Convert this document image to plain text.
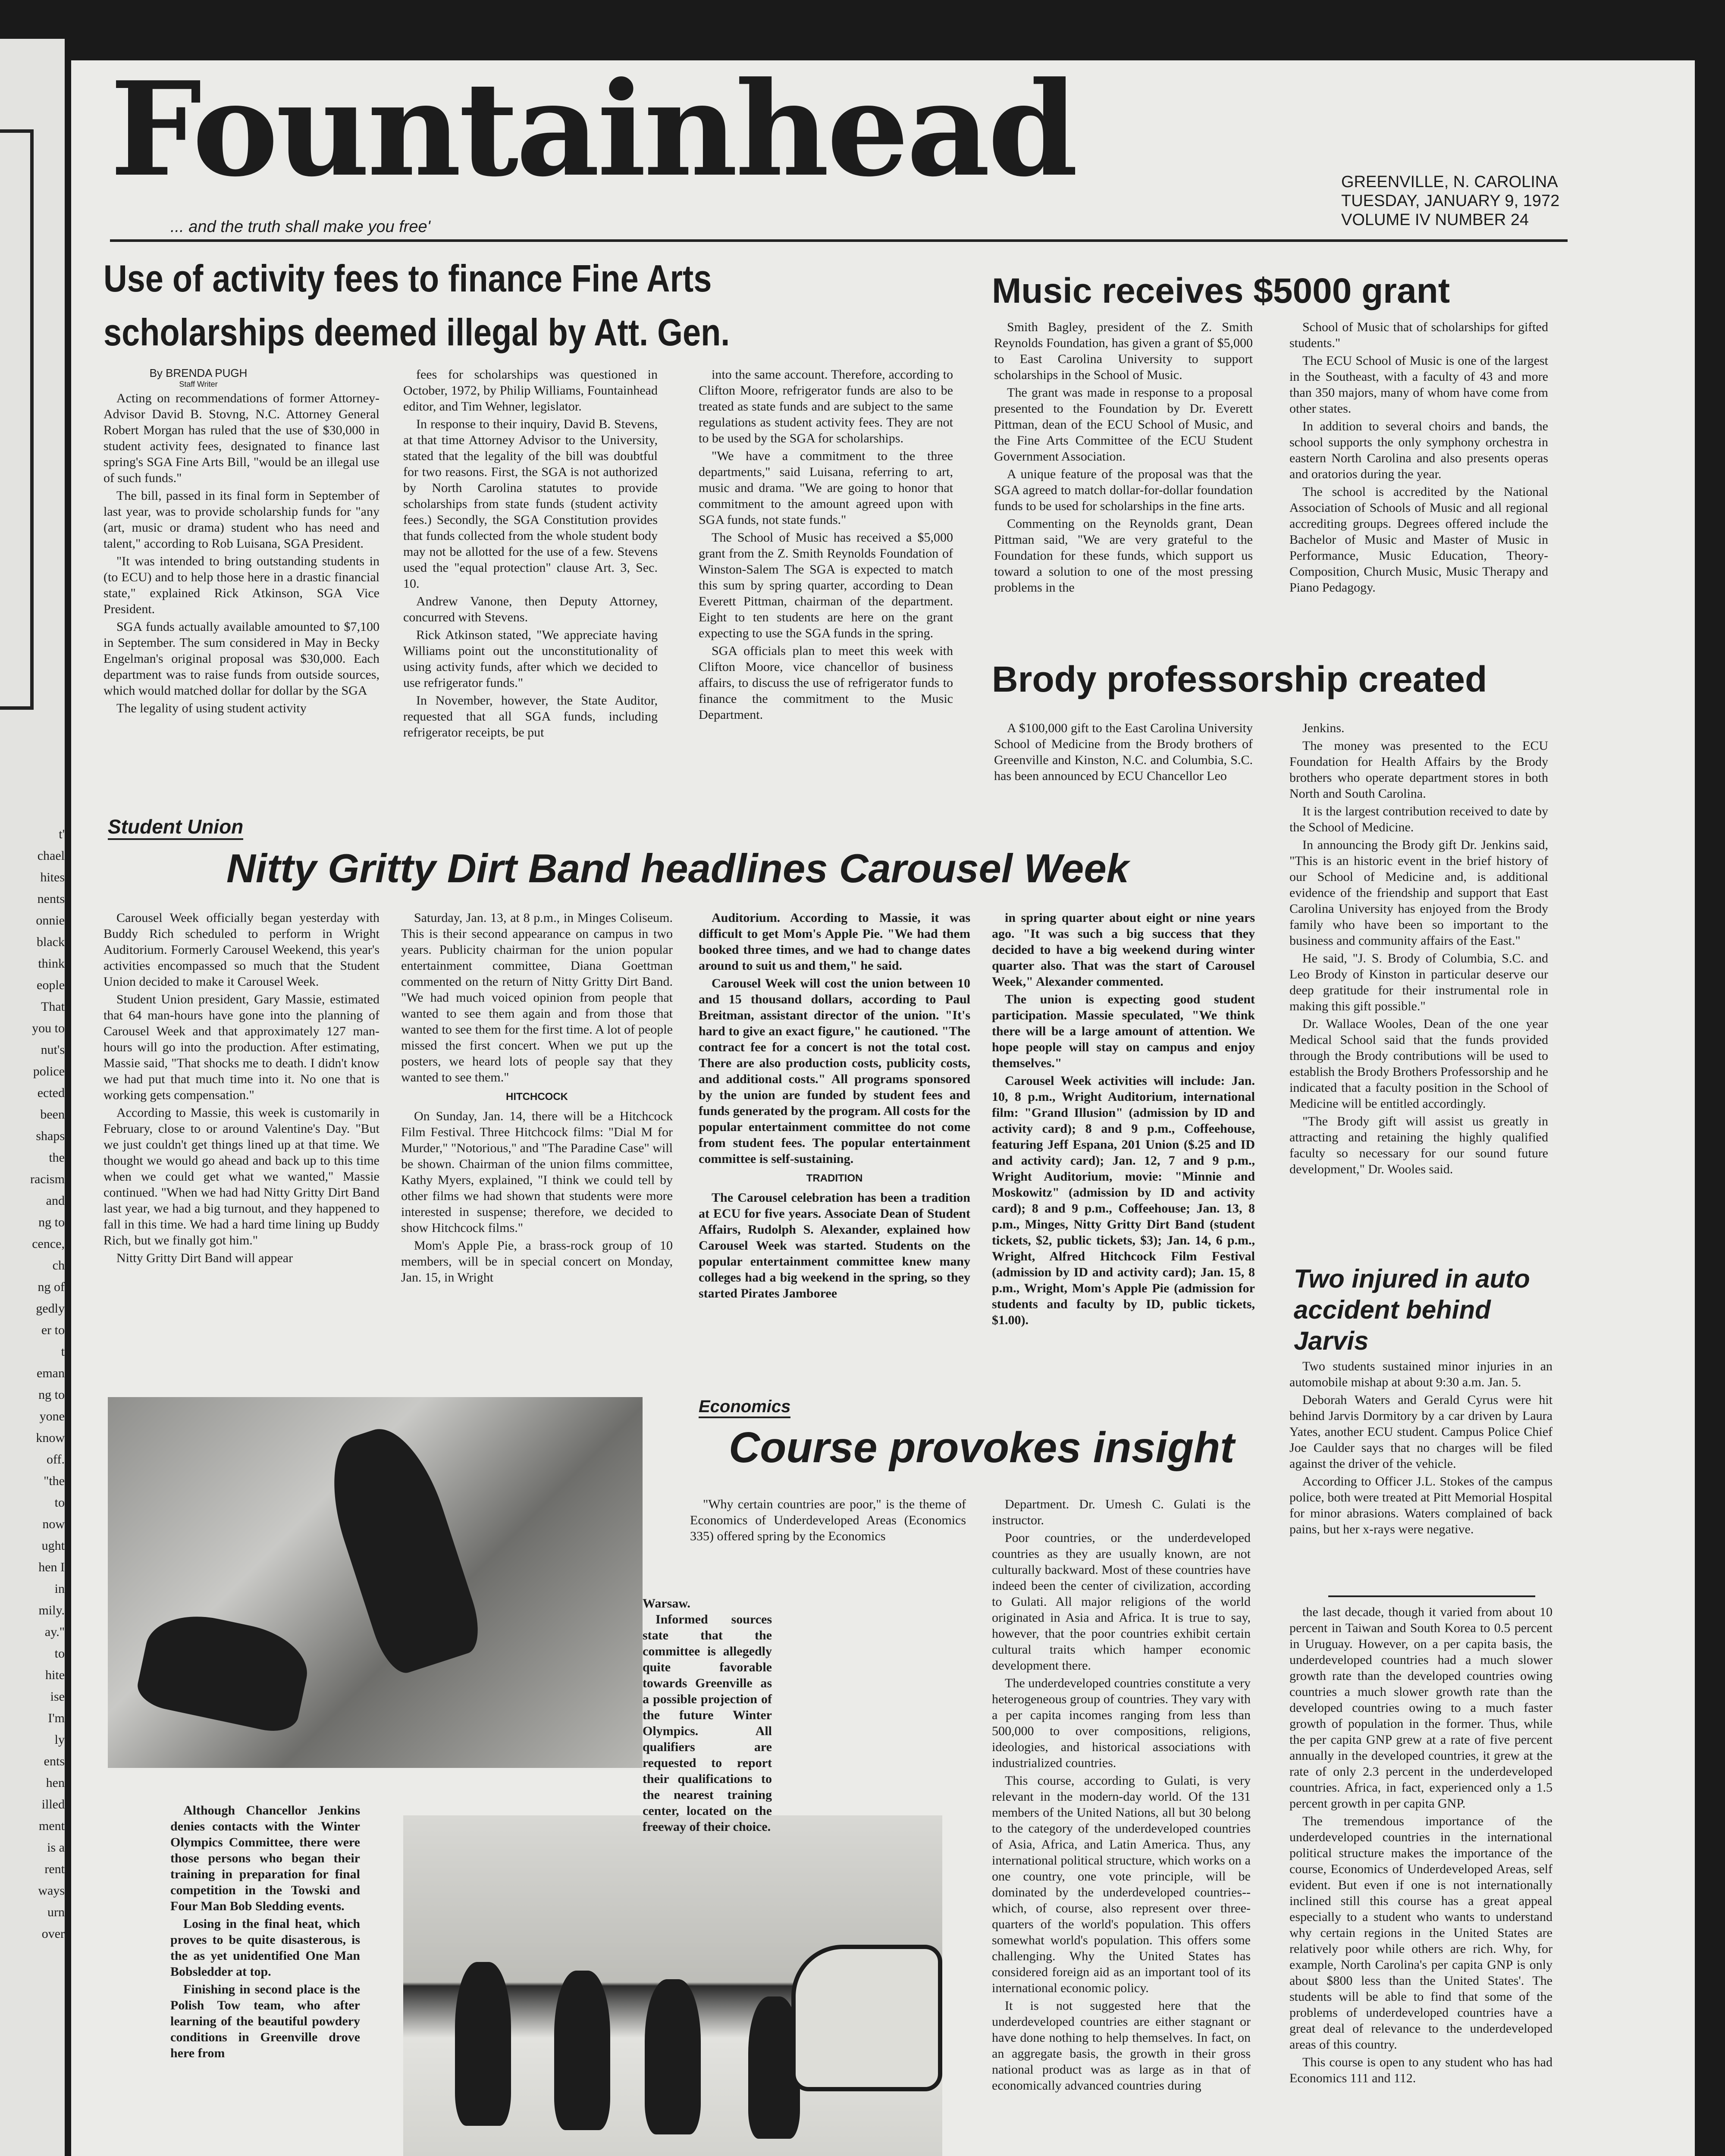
t'
chael
hites
nents
onnie
black
think
eople
That
you to
nut's
police
ected
been
shaps
the
racism
and
ng to
cence,
ch
ng of
gedly
er to
t
eman
ng to
yone
know
off.
"the
to
now
ught
hen I
in
mily.
ay."
to
hite
ise
I'm
ly
ents
hen
illed
ment
is a
rent
ways
urn
over
Fountainhead
... and the truth shall make you free'
GREENVILLE, N. CAROLINA
TUESDAY, JANUARY 9, 1972
VOLUME IV NUMBER 24
Use of activity fees to finance Fine Arts
scholarships deemed illegal by Att. Gen.
By BRENDA PUGH
Staff Writer

Acting on recommendations of former Attorney-Advisor David B. Stovng, N.C. Attorney General Robert Morgan has ruled that the use of $30,000 in student activity fees, designated to finance last spring's SGA Fine Arts Bill, "would be an illegal use of such funds."

The bill, passed in its final form in September of last year, was to provide scholarship funds for "any (art, music or drama) student who has need and talent," according to Rob Luisana, SGA President.

"It was intended to bring outstanding students in (to ECU) and to help those here in a drastic financial state," explained Rick Atkinson, SGA Vice President.

SGA funds actually available amounted to $7,100 in September. The sum considered in May in Becky Engelman's original proposal was $30,000. Each department was to raise funds from outside sources, which would matched dollar for dollar by the SGA

The legality of using student activity

fees for scholarships was questioned in October, 1972, by Philip Williams, Fountainhead editor, and Tim Wehner, legislator.

In response to their inquiry, David B. Stevens, at that time Attorney Advisor to the University, stated that the legality of the bill was doubtful for two reasons. First, the SGA is not authorized by North Carolina statutes to provide scholarships from state funds (student activity fees.) Secondly, the SGA Constitution provides that funds collected from the whole student body may not be allotted for the use of a few. Stevens used the "equal protection" clause Art. 3, Sec. 10.

Andrew Vanone, then Deputy Attorney, concurred with Stevens.

Rick Atkinson stated, "We appreciate having Williams point out the unconstitutionality of using activity funds, after which we decided to use refrigerator funds."

In November, however, the State Auditor, requested that all SGA funds, including refrigerator receipts, be put

into the same account. Therefore, according to Clifton Moore, refrigerator funds are also to be treated as state funds and are subject to the same regulations as student activity fees. They are not to be used by the SGA for scholarships.

"We have a commitment to the three departments," said Luisana, referring to art, music and drama. "We are going to honor that commitment to the amount agreed upon with SGA funds, not state funds."

The School of Music has received a $5,000 grant from the Z. Smith Reynolds Foundation of Winston-Salem The SGA is expected to match this sum by spring quarter, according to Dean Everett Pittman, chairman of the department. Eight to ten students are here on the grant expecting to use the SGA funds in the spring.

SGA officials plan to meet this week with Clifton Moore, vice chancellor of business affairs, to discuss the use of refrigerator funds to finance the commitment to the Music Department.

Music receives $5000 grant

Smith Bagley, president of the Z. Smith Reynolds Foundation, has given a grant of $5,000 to East Carolina University to support scholarships in the School of Music.

The grant was made in response to a proposal presented to the Foundation by Dr. Everett Pittman, dean of the ECU School of Music, and the Fine Arts Committee of the ECU Student Government Association.

A unique feature of the proposal was that the SGA agreed to match dollar-for-dollar foundation funds to be used for scholarships in the fine arts.

Commenting on the Reynolds grant, Dean Pittman said, "We are very grateful to the Foundation for these funds, which support us toward a solution to one of the most pressing problems in the

School of Music that of scholarships for gifted students."

The ECU School of Music is one of the largest in the Southeast, with a faculty of 43 and more than 350 majors, many of whom have come from other states.

In addition to several choirs and bands, the school supports the only symphony orchestra in eastern North Carolina and also presents operas and oratorios during the year.

The school is accredited by the National Association of Schools of Music and all regional accrediting groups. Degrees offered include the Bachelor of Music and Master of Music in Performance, Music Education, Theory-Composition, Church Music, Music Therapy and Piano Pedagogy.

Brody professorship created

A $100,000 gift to the East Carolina University School of Medicine from the Brody brothers of Greenville and Kinston, N.C. and Columbia, S.C. has been announced by ECU Chancellor Leo

Jenkins.

The money was presented to the ECU Foundation for Health Affairs by the Brody brothers who operate department stores in both North and South Carolina.

It is the largest contribution received to date by the School of Medicine.

In announcing the Brody gift Dr. Jenkins said, "This is an historic event in the brief history of our School of Medicine and, is additional evidence of the friendship and support that East Carolina University has enjoyed from the Brody family who have been so important to the business and community affairs of the East."

He said, "J. S. Brody of Columbia, S.C. and Leo Brody of Kinston in particular deserve our deep gratitude for their instrumental role in making this gift possible."

Dr. Wallace Wooles, Dean of the one year Medical School said that the funds provided through the Brody contributions will be used to establish the Brody Brothers Professorship and he indicated that a faculty position in the School of Medicine will be entitled accordingly.

"The Brody gift will assist us greatly in attracting and retaining the highly qualified faculty so necessary for our sound future development," Dr. Wooles said.

Student Union
Nitty Gritty Dirt Band headlines Carousel Week

Carousel Week officially began yesterday with Buddy Rich scheduled to perform in Wright Auditorium. Formerly Carousel Weekend, this year's activities encompassed so much that the Student Union decided to make it Carousel Week.

Student Union president, Gary Massie, estimated that 64 man-hours have gone into the planning of Carousel Week and that approximately 127 man-hours will go into the production. After estimating, Massie said, "That shocks me to death. I didn't know we had put that much time into it. No one that is working gets compensation."

According to Massie, this week is customarily in February, close to or around Valentine's Day. "But we just couldn't get things lined up at that time. We thought we would go ahead and back up to this time when we could get what we wanted," Massie continued. "When we had had Nitty Gritty Dirt Band last year, we had a big turnout, and they happened to fall in this time. We had a hard time lining up Buddy Rich, but we finally got him."

Nitty Gritty Dirt Band will appear

Saturday, Jan. 13, at 8 p.m., in Minges Coliseum. This is their second appearance on campus in two years. Publicity chairman for the union popular entertainment committee, Diana Goettman commented on the return of Nitty Gritty Dirt Band. "We had much voiced opinion from people that wanted to see them again and from those that wanted to see them for the first time. A lot of people missed the first concert. When we put up the posters, we heard lots of people say that they wanted to see them."

HITCHCOCK

On Sunday, Jan. 14, there will be a Hitchcock Film Festival. Three Hitchcock films: "Dial M for Murder," "Notorious," and "The Paradine Case" will be shown. Chairman of the union films committee, Kathy Myers, explained, "I think we could tell by other films we had shown that students were more interested in suspense; therefore, we decided to show Hitchcock films."

Mom's Apple Pie, a brass-rock group of 10 members, will be in special concert on Monday, Jan. 15, in Wright

Auditorium. According to Massie, it was difficult to get Mom's Apple Pie. "We had them booked three times, and we had to change dates around to suit us and them," he said.

Carousel Week will cost the union between 10 and 15 thousand dollars, according to Paul Breitman, assistant director of the union. "It's hard to give an exact figure," he cautioned. "The contract fee for a concert is not the total cost. There are also production costs, publicity costs, and additional costs." All programs sponsored by the union are funded by student fees and funds generated by the program. All costs for the popular entertainment committee do not come from student fees. The popular entertainment committee is self-sustaining.

TRADITION

The Carousel celebration has been a tradition at ECU for five years. Associate Dean of Student Affairs, Rudolph S. Alexander, explained how Carousel Week was started. Students on the popular entertainment committee knew many colleges had a big weekend in the spring, so they started Pirates Jamboree

in spring quarter about eight or nine years ago. "It was such a big success that they decided to have a big weekend during winter quarter also. That was the start of Carousel Week," Alexander commented.

The union is expecting good student participation. Massie speculated, "We think there will be a large amount of attention. We hope people will stay on campus and enjoy themselves."

Carousel Week activities will include: Jan. 10, 8 p.m., Wright Auditorium, international film: "Grand Illusion" (admission by ID and activity card); 8 and 9 p.m., Coffeehouse, featuring Jeff Espana, 201 Union ($.25 and ID and activity card); Jan. 12, 7 and 9 p.m., Wright Auditorium, movie: "Minnie and Moskowitz" (admission by ID and activity card); 8 and 9 p.m., Coffeehouse; Jan. 13, 8 p.m., Minges, Nitty Gritty Dirt Band (student tickets, $2, public tickets, $3); Jan. 14, 6 p.m., Wright, Alfred Hitchcock Film Festival (admission by ID and activity card); Jan. 15, 8 p.m., Wright, Mom's Apple Pie (admission for students and faculty by ID, public tickets, $1.00).

Two injured in auto accident behind Jarvis

Two students sustained minor injuries in an automobile mishap at about 9:30 a.m. Jan. 5.

Deborah Waters and Gerald Cyrus were hit behind Jarvis Dormitory by a car driven by Laura Yates, another ECU student. Campus Police Chief Joe Caulder says that no charges will be filed against the driver of the vehicle.

According to Officer J.L. Stokes of the campus police, both were treated at Pitt Memorial Hospital for minor abrasions. Waters complained of back pains, but her x-rays were negative.

Warsaw.

Informed sources state that the committee is allegedly quite favorable towards Greenville as a possible projection of the future Winter Olympics. All qualifiers are requested to report their qualifications to the nearest training center, located on the freeway of their choice.

Although Chancellor Jenkins denies contacts with the Winter Olympics Committee, there were those persons who began their training in preparation for final competition in the Towski and Four Man Bob Sledding events.

Losing in the final heat, which proves to be quite disasterous, is the as yet unidentified One Man Bobsledder at top.

Finishing in second place is the Polish Tow team, who after learning of the beautiful powdery conditions in Greenville drove here from

Economics
Course provokes insight

"Why certain countries are poor," is the theme of Economics of Underdeveloped Areas (Economics 335) offered spring by the Economics

Department. Dr. Umesh C. Gulati is the instructor.

Poor countries, or the underdeveloped countries as they are usually known, are not culturally backward. Most of these countries have indeed been the center of civilization, according to Gulati. All major religions of the world originated in Asia and Africa. It is true to say, however, that the poor countries exhibit certain cultural traits which hamper economic development there.

The underdeveloped countries constitute a very heterogeneous group of countries. They vary with a per capita incomes ranging from less than 500,000 to over compositions, religions, ideologies, and historical associations with industrialized countries.

This course, according to Gulati, is very relevant in the modern-day world. Of the 131 members of the United Nations, all but 30 belong to the category of the underdeveloped countries of Asia, Africa, and Latin America. Thus, any international political structure, which works on a one country, one vote principle, will be dominated by the underdeveloped countries--which, of course, also represent over three-quarters of the world's population. This offers somewhat world's population. This offers some challenging. Why the United States has considered foreign aid as an important tool of its international economic policy.

It is not suggested here that the underdeveloped countries are either stagnant or have done nothing to help themselves. In fact, on an aggregate basis, the growth in their gross national product was as large as in that of economically advanced countries during

the last decade, though it varied from about 10 percent in Taiwan and South Korea to 0.5 percent in Uruguay. However, on a per capita basis, the underdeveloped countries had a much slower growth rate than the developed countries owing countries a much slower growth rate than the developed countries owing to a much faster growth of population in the former. Thus, while the per capita GNP grew at a rate of five percent annually in the developed countries, it grew at the rate of only 2.3 percent in the underdeveloped countries. Africa, in fact, experienced only a 1.5 percent growth in per capita GNP.

The tremendous importance of the underdeveloped countries in the international political structure makes the importance of the course, Economics of Underdeveloped Areas, self evident. But even if one is not internationally inclined still this course has a great appeal especially to a student who wants to understand why certain regions in the United States are relatively poor while others are rich. Why, for example, North Carolina's per capita GNP is only about $800 less than the United States'. The students will be able to find that some of the problems of underdeveloped countries have a great deal of relevance to the underdeveloped areas of this country.

This course is open to any student who has had Economics 111 and 112.
